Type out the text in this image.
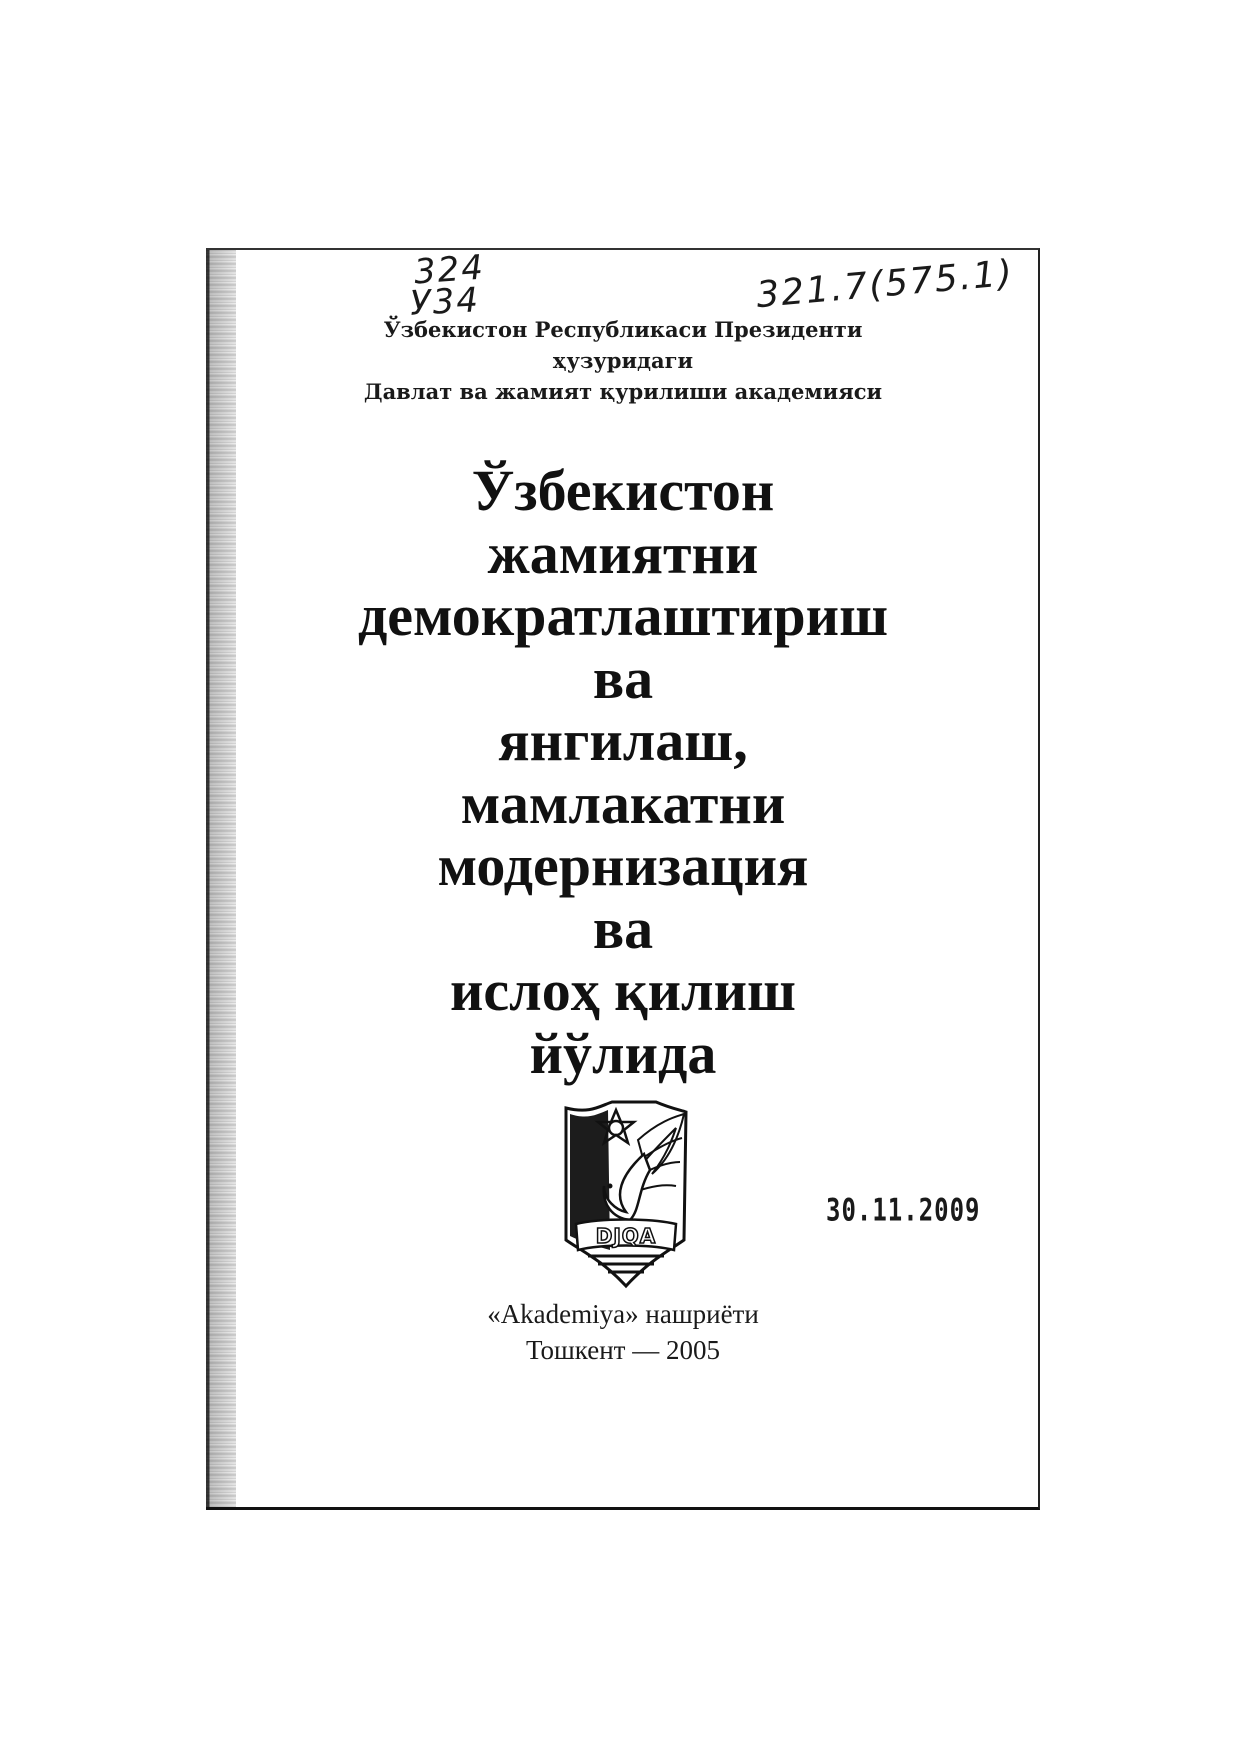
324
У34	321.7(575.1)
Ўзбекистон Республикаси Президенти
ҳузуридаги
Давлат ва жамият қурилиши академияси
Ўзбекистон
жамиятни
демократлаштириш
ва
янгилаш,
мамлакатни
модернизация
ва
ислоҳ қилиш
йўлида
DJQA
30.11.2009
«Akademiya» нашриёти
Тошкент — 2005
